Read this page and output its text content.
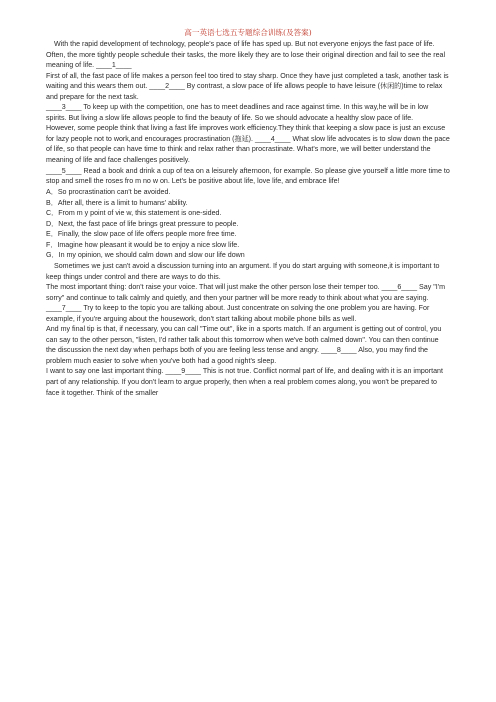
高一英语七选五专题综合训练(及答案)

With the rapid development of technology, people's pace of life has sped up. But not everyone enjoys the fast pace of life. Often, the more tightly people schedule their tasks, the more likely they are to lose their original direction and fail to see the real meaning of life. ____1____

First of all, the fast pace of life makes a person feel too tired to stay sharp. Once they have just completed a task, another task is waiting and this wears them out. ____2____ By contrast, a slow pace of life allows people to have leisure (休闲的)time to relax and prepare for the next task.

____3____ To keep up with the competition, one has to meet deadlines and race against time. In this way,he will be in low spirits. But living a slow life allows people to find the beauty of life. So we should advocate a healthy slow pace of life.

However, some people think that living a fast life improves work efficiency.They think that keeping a slow pace is just an excuse for lazy people not to work,and encourages procrastination (拖延). ____4____ What slow life advocates is to slow down the pace of life, so that people can have time to think and relax rather than procrastinate. What's more, we will better understand the meaning of life and face challenges positively.

____5____ Read a book and drink a cup of tea on a leisurely afternoon, for example. So please give yourself a little more time to stop and smell the roses fro m no w on. Let's be positive about life, love life, and embrace life!

A．So procrastination can't be avoided.

B．After all, there is a limit to humans' ability.

C．From m y point of vie w, this statement is one-sided.

D．Next, the fast pace of life brings great pressure to people.

E．Finally, the slow pace of life offers people more free time.

F．Imagine how pleasant it would be to enjoy a nice slow life.

G．In my opinion, we should calm down and slow our life down

Sometimes we just can't avoid a discussion turning into an argument. If you do start arguing with someone,it is important to keep things under control and there are ways to do this.

The most important thing: don't raise your voice. That will just make the other person lose their temper too. ____6____ Say "I'm sorry" and continue to talk calmly and quietly, and then your partner will be more ready to think about what you are saying.

____7____ Try to keep to the topic you are talking about. Just concentrate on solving the one problem you are having. For example, if you're arguing about the housework, don't start talking about mobile phone bills as well.

And my final tip is that, if necessary, you can call "Time out", like in a sports match. If an argument is getting out of control, you can say to the other person, "listen, I'd rather talk about this tomorrow when we've both calmed down". You can then continue the discussion the next day when perhaps both of you are feeling less tense and angry. ____8____ Also, you may find the problem much easier to solve when you've both had a good night's sleep.

I want to say one last important thing. ____9____ This is not true. Conflict normal part of life, and dealing with it is an important part of any relationship. If you don't learn to argue properly, then when a real problem comes along, you won't be prepared to face it together. Think of the smaller
